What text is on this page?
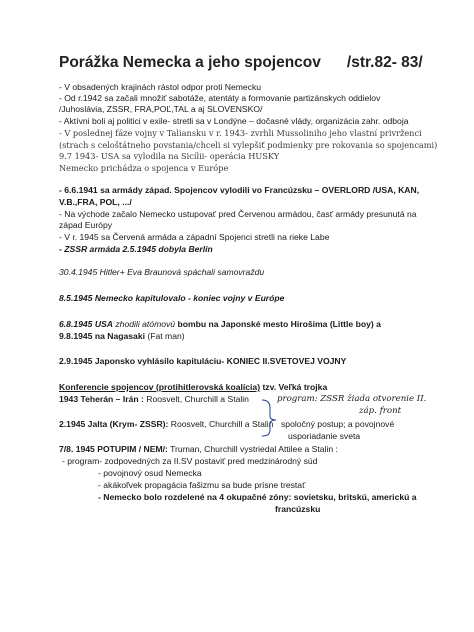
Porážka Nemecka a jeho spojencov /str.82- 83/
- V obsadených krajinách rástol odpor proti Nemecku
- Od r.1942 sa začali množiť sabotáže, atentáty a formovanie partizánskych oddielov
/Juhoslávia, ZSSR, FRA,POĽ,TAL a aj SLOVENSKO/
- Aktívni boli aj politici v exile- stretli sa v Londýne – dočasné vlády, organizácia zahr. odboja
- V poslednej fáze vojny v Taliansku v r. 1943- zvrhli Mussoliniho jeho vlastní privrženci
(strach s celoštátneho povstania/chceli si vylepšiť podmienky pre rokovania so spojencami)
9.7 1943- USA sa vylodila na Sicílii- operácia HUSKY
Nemecko prichádza o spojenca v Európe
- 6.6.1941 sa armády západ. Spojencov vylodili vo Francúzsku – OVERLORD /USA, KAN,
V.B.,FRA, POL, .../
- Na východe začalo Nemecko ustupovať pred Červenou armádou, časť armády presunutá na
západ Európy
- V r. 1945 sa Červená armáda a západní Spojenci stretli na rieke Labe
- ZSSR armáda 2.5.1945 dobyla Berlín
30.4.1945 Hitler+ Eva Braunová spáchali samovraždu
8.5.1945 Nemecko kapitulovalo - koniec vojny v Európe
6.8.1945 USA zhodili atómovú bombu na Japonské mesto Hirošima (Little boy) a
9.8.1945 na Nagasaki (Fat man)
2.9.1945 Japonsko vyhlásilo kapituláciu- KONIEC II.SVETOVEJ VOJNY
Konferencie spojencov (protihitlerovská koalícia) tzv. Veľká trojka
1943 Teherán – Irán : Roosvelt, Churchill a Stalin	program: ZSSR žiada otvorenie II.
záp. front
2.1945 Jalta (Krym- ZSSR): Roosvelt, Churchill a Stalin spoločný postup; a povojnové
usporiadanie sveta
7/8. 1945 POTUPIM / NEM/: Truman, Churchill vystriedal Attilee a Stalin :
- program- zodpovedných za II.SV postaviť pred medzinárodný súd
- povojnový osud Nemecka
- akákoľvek propagácia fašizmu sa bude prísne trestať
- Nemecko bolo rozdelené na 4 okupačné zóny: sovietsku, britskú, americkú a
francúzsku
